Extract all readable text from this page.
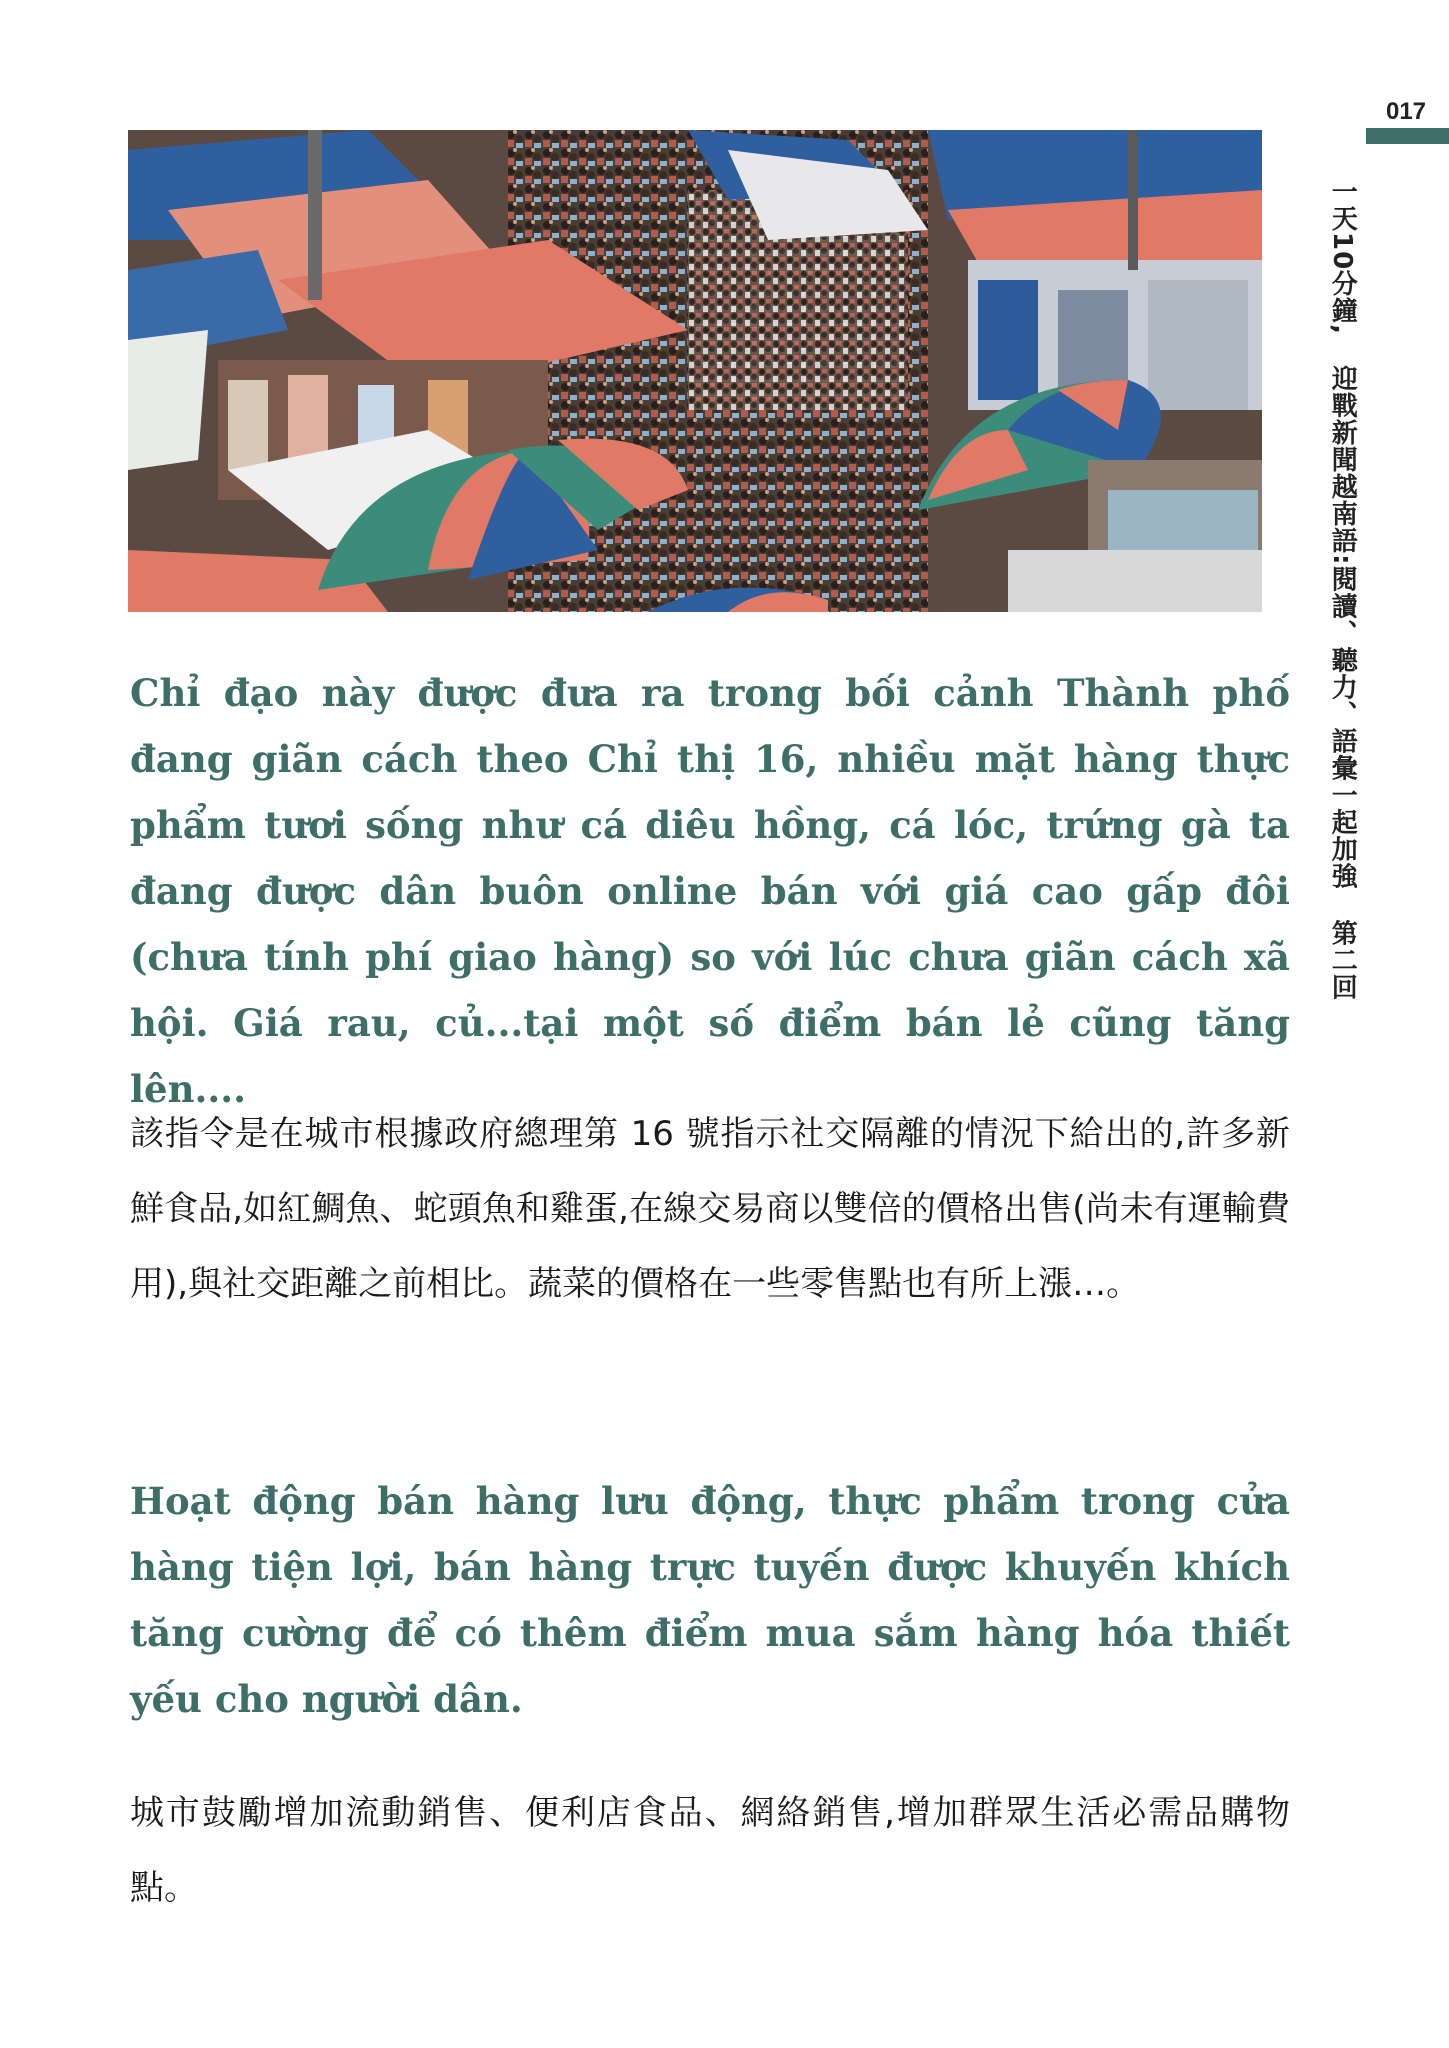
017
一天10分鐘,迎戰新聞越南語:閱讀、聽力、語彙一起加強第二回

Chỉ đạo này được đưa ra trong bối cảnh Thành phố đang giãn cách theo Chỉ thị 16, nhiều mặt hàng thực phẩm tươi sống như cá diêu hồng, cá lóc, trứng gà ta đang được dân buôn online bán với giá cao gấp đôi (chưa tính phí giao hàng) so với lúc chưa giãn cách xã hội. Giá rau, củ...tại một số điểm bán lẻ cũng tăng lên....

該指令是在城市根據政府總理第 16 號指示社交隔離的情況下給出的,許多新鮮食品,如紅鯛魚、蛇頭魚和雞蛋,在線交易商以雙倍的價格出售(尚未有運輸費用),與社交距離之前相比。蔬菜的價格在一些零售點也有所上漲…。

Hoạt động bán hàng lưu động, thực phẩm trong cửa hàng tiện lợi, bán hàng trực tuyến được khuyến khích tăng cường để có thêm điểm mua sắm hàng hóa thiết yếu cho người dân.

城市鼓勵增加流動銷售、便利店食品、網絡銷售,增加群眾生活必需品購物點。
